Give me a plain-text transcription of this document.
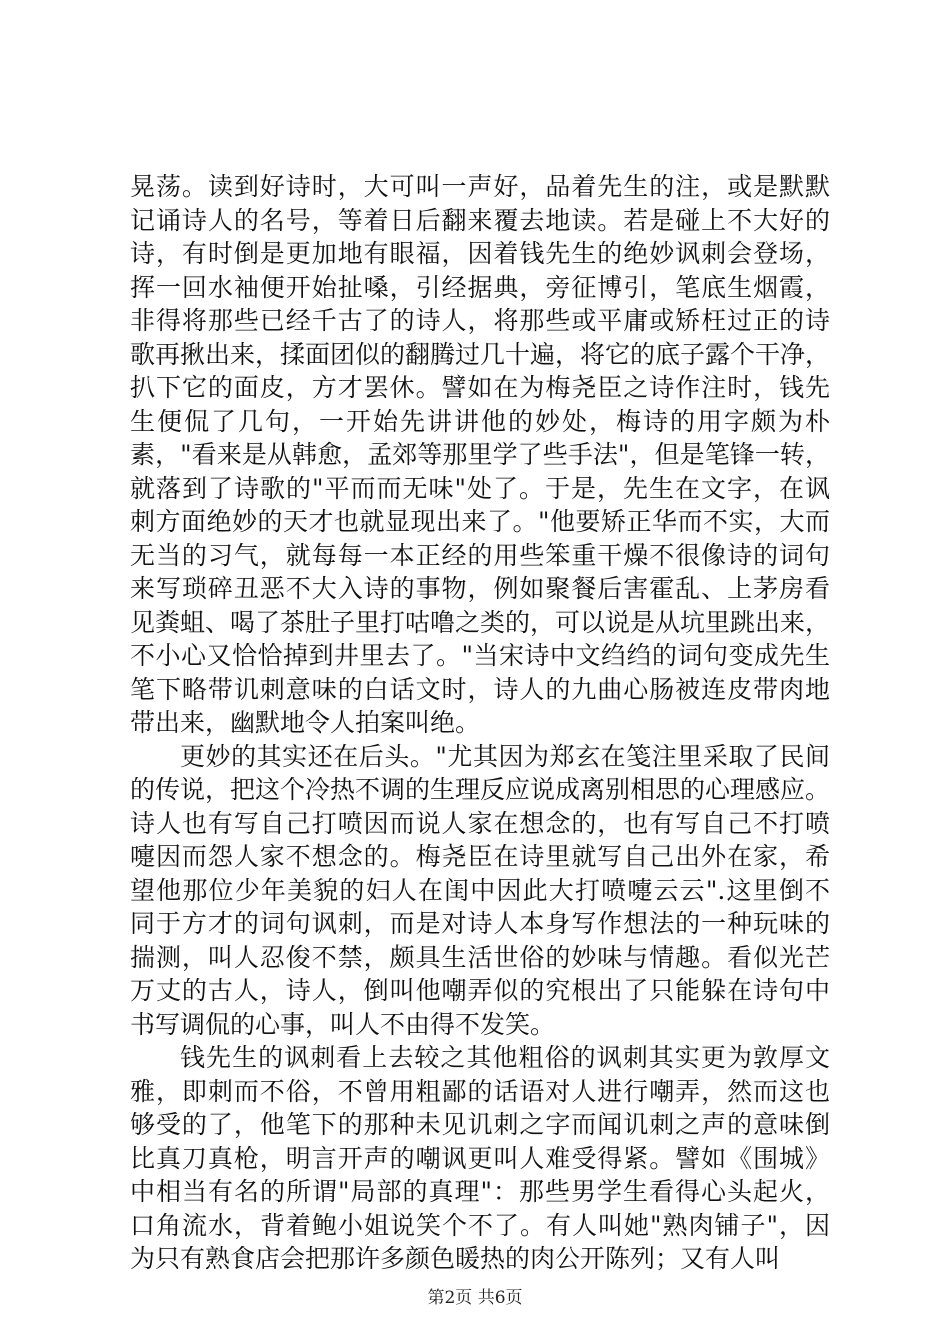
晃荡。读到好诗时，大可叫一声好，品着先生的注，或是默默
记诵诗人的名号，等着日后翻来覆去地读。若是碰上不大好的
诗，有时倒是更加地有眼福，因着钱先生的绝妙讽刺会登场，
挥一回水袖便开始扯嗓，引经据典，旁征博引，笔底生烟霞，
非得将那些已经千古了的诗人，将那些或平庸或矫枉过正的诗
歌再揪出来，揉面团似的翻腾过几十遍，将它的底子露个干净，
扒下它的面皮，方才罢休。譬如在为梅尧臣之诗作注时，钱先
生便侃了几句，一开始先讲讲他的妙处，梅诗的用字颇为朴
素，"看来是从韩愈，孟郊等那里学了些手法"，但是笔锋一转，
就落到了诗歌的"平而而无味"处了。于是，先生在文字，在讽
刺方面绝妙的天才也就显现出来了。"他要矫正华而不实，大而
无当的习气，就每每一本正经的用些笨重干燥不很像诗的词句
来写琐碎丑恶不大入诗的事物，例如聚餐后害霍乱、上茅房看
见粪蛆、喝了茶肚子里打咕噜之类的，可以说是从坑里跳出来，
不小心又恰恰掉到井里去了。"当宋诗中文绉绉的词句变成先生
笔下略带讥刺意味的白话文时，诗人的九曲心肠被连皮带肉地
带出来，幽默地令人拍案叫绝。
更妙的其实还在后头。"尤其因为郑玄在笺注里采取了民间
的传说，把这个冷热不调的生理反应说成离别相思的心理感应。
诗人也有写自己打喷因而说人家在想念的，也有写自己不打喷
嚏因而怨人家不想念的。梅尧臣在诗里就写自己出外在家，希
望他那位少年美貌的妇人在闺中因此大打喷嚏云云".这里倒不
同于方才的词句讽刺，而是对诗人本身写作想法的一种玩味的
揣测，叫人忍俊不禁，颇具生活世俗的妙味与情趣。看似光芒
万丈的古人，诗人，倒叫他嘲弄似的究根出了只能躲在诗句中
书写调侃的心事，叫人不由得不发笑。
钱先生的讽刺看上去较之其他粗俗的讽刺其实更为敦厚文
雅，即刺而不俗，不曾用粗鄙的话语对人进行嘲弄，然而这也
够受的了，他笔下的那种未见讥刺之字而闻讥刺之声的意味倒
比真刀真枪，明言开声的嘲讽更叫人难受得紧。譬如《围城》
中相当有名的所谓"局部的真理"：那些男学生看得心头起火，
口角流水，背着鲍小姐说笑个不了。有人叫她"熟肉铺子"，因
为只有熟食店会把那许多颜色暖热的肉公开陈列；又有人叫
第2页 共6页
